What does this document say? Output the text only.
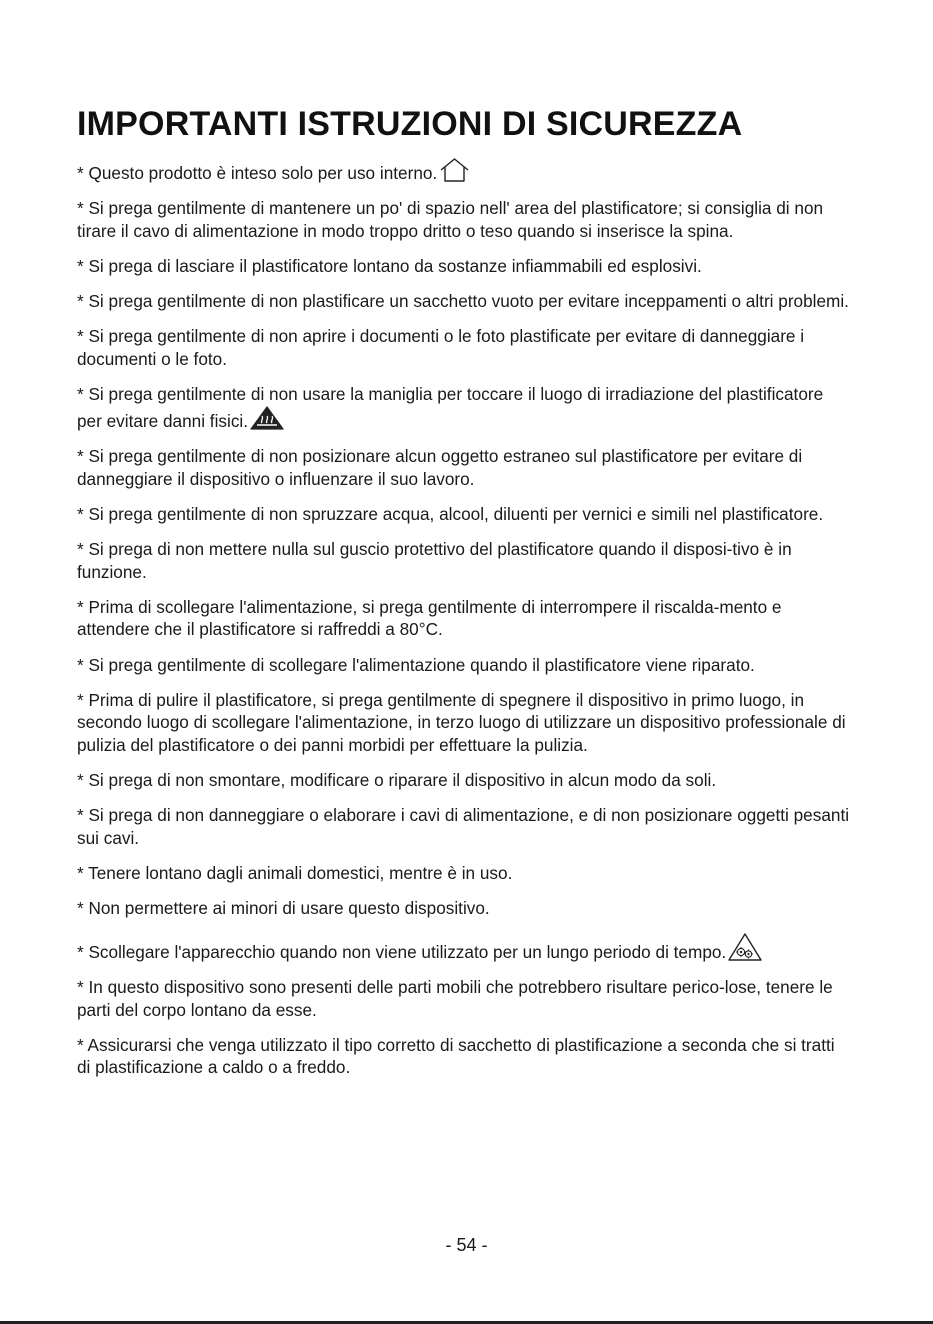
IMPORTANTI ISTRUZIONI DI SICUREZZA

* Questo prodotto è inteso solo per uso interno.

* Si prega gentilmente di mantenere un po' di spazio nell' area del plastificatore; si consiglia di non tirare il cavo di alimentazione in modo troppo dritto o teso quando si inserisce la spina.

* Si prega di lasciare il plastificatore lontano da sostanze infiammabili ed esplosivi.

* Si prega gentilmente di non plastificare un sacchetto vuoto per evitare inceppamenti o altri problemi.

* Si prega gentilmente di non aprire i documenti o le foto plastificate per evitare di danneggiare i documenti o le foto.

* Si prega gentilmente di non usare la maniglia per toccare il luogo di irradiazione del plastificatore per evitare danni fisici.

* Si prega gentilmente di non posizionare alcun oggetto estraneo sul plastificatore per evitare di danneggiare il dispositivo o influenzare il suo lavoro.

* Si prega gentilmente di non spruzzare acqua, alcool, diluenti per vernici e simili nel plastificatore.

* Si prega di non mettere nulla sul guscio protettivo del plastificatore quando il disposi-tivo è in funzione.

* Prima di scollegare l'alimentazione, si prega gentilmente di interrompere il riscalda-mento e attendere che il plastificatore si raffreddi a 80°C.

* Si prega gentilmente di scollegare l'alimentazione quando il plastificatore viene riparato.

* Prima di pulire il plastificatore, si prega gentilmente di spegnere il dispositivo in primo luogo, in secondo luogo di scollegare l'alimentazione, in terzo luogo di utilizzare un dispositivo professionale di pulizia del plastificatore o dei panni morbidi per effettuare la pulizia.

* Si prega di non smontare, modificare o riparare il dispositivo in alcun modo da soli.

* Si prega di non danneggiare o elaborare i cavi di alimentazione, e di non posizionare oggetti pesanti sui cavi.

* Tenere lontano dagli animali domestici, mentre è in uso.

* Non permettere ai minori di usare questo dispositivo.

* Scollegare l'apparecchio quando non viene utilizzato per un lungo periodo di tempo.

* In questo dispositivo sono presenti delle parti mobili che potrebbero risultare perico-lose, tenere le parti del corpo lontano da esse.

* Assicurarsi che venga utilizzato il tipo corretto di sacchetto di plastificazione a seconda che si tratti di plastificazione a caldo o a freddo.

- 54 -
